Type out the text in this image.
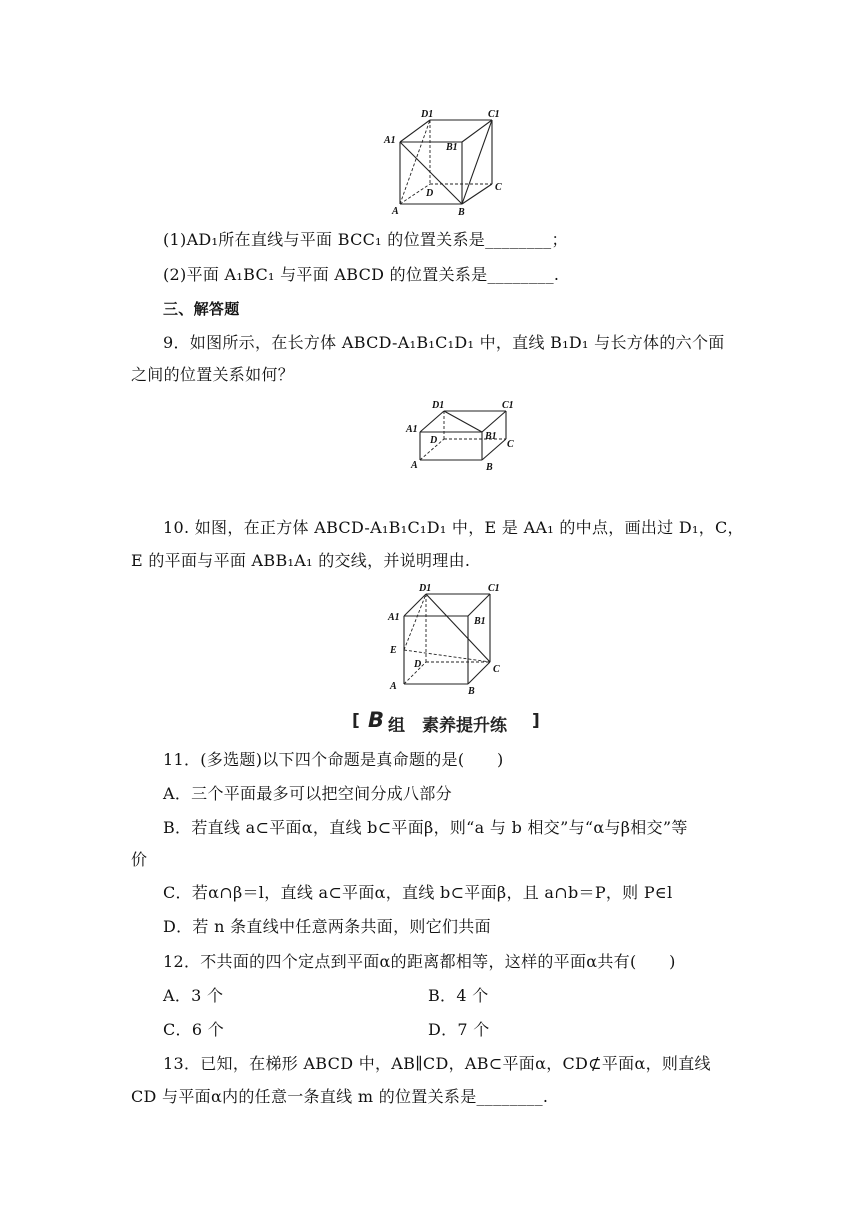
D1	C1
A1
B1
D
C
A	B
(1)AD₁所在直线与平面 BCC₁ 的位置关系是________；
(2)平面 A₁BC₁ 与平面 ABCD 的位置关系是________.
三、解答题
9．如图所示，在长方体 ABCD-A₁B₁C₁D₁ 中，直线 B₁D₁ 与长方体的六个面
之间的位置关系如何？
D1	C1
A1
D	B1
C
A	B
10. 如图，在正方体 ABCD-A₁B₁C₁D₁ 中，E 是 AA₁ 的中点，画出过 D₁，C，
E 的平面与平面 ABB₁A₁ 的交线，并说明理由.
D1	C1
A1	B1
E
D	C
A	B
[ B 组　素养提升练 ]
11．(多选题)以下四个命题是真命题的是(　　)
A．三个平面最多可以把空间分成八部分
B．若直线 a⊂平面α，直线 b⊂平面β，则“a 与 b 相交”与“α与β相交”等
价
C．若α∩β＝l，直线 a⊂平面α，直线 b⊂平面β，且 a∩b＝P，则 P∈l
D．若 n 条直线中任意两条共面，则它们共面
12．不共面的四个定点到平面α的距离都相等，这样的平面α共有(　　)
A．3 个	B．4 个
C．6 个	D．7 个
13．已知，在梯形 ABCD 中，AB∥CD，AB⊂平面α，CD⊄平面α，则直线
CD 与平面α内的任意一条直线 m 的位置关系是________.
